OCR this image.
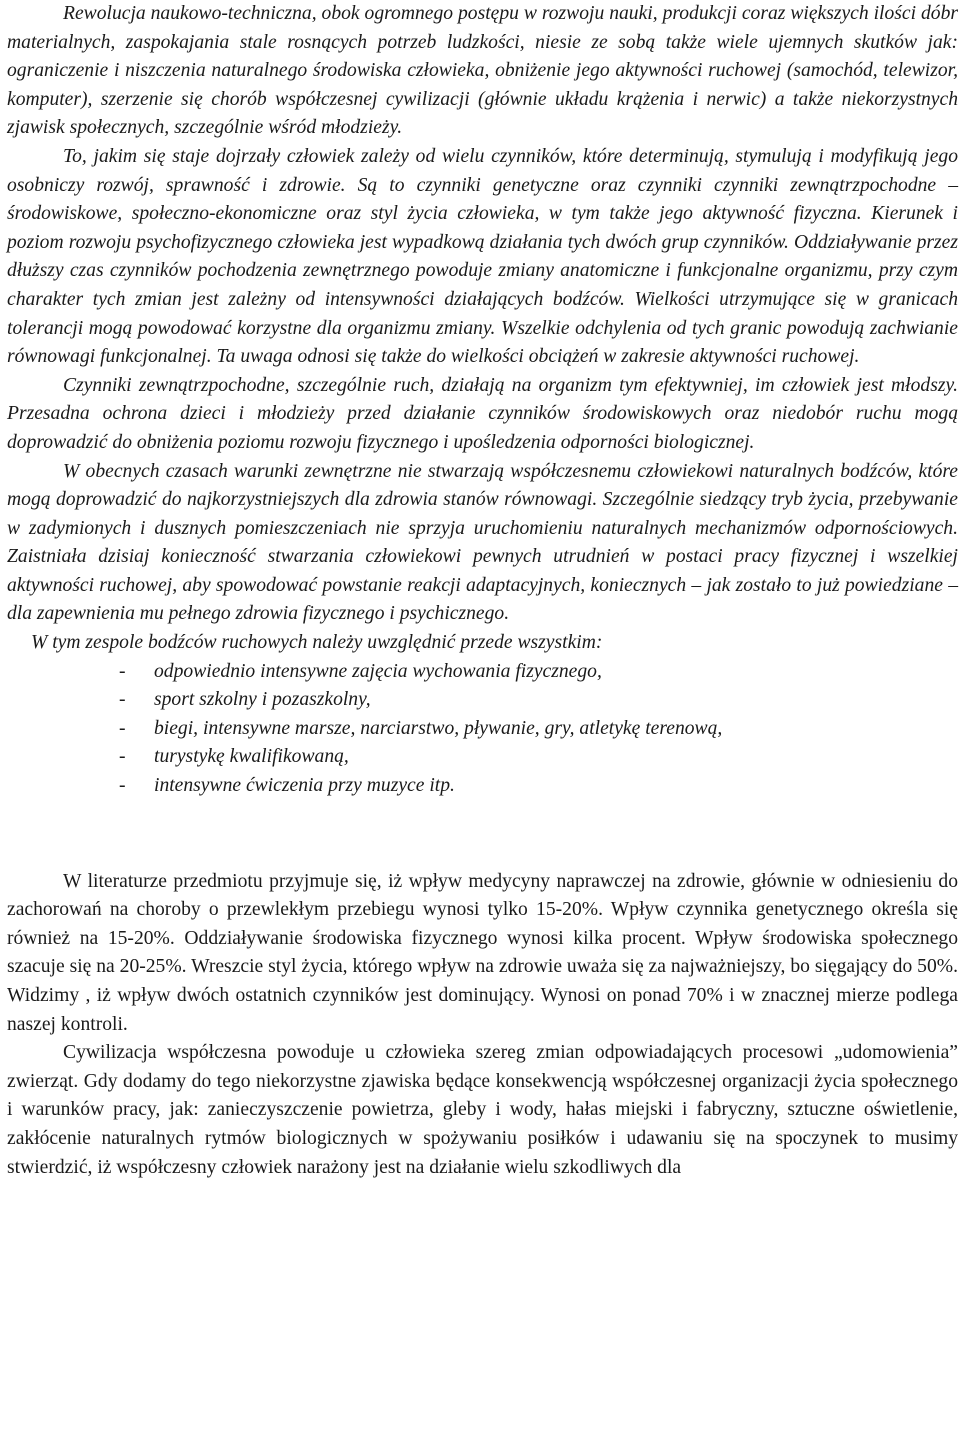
Rewolucja naukowo-techniczna, obok ogromnego postępu w rozwoju nauki, produkcji coraz większych ilości dóbr materialnych, zaspokajania stale rosnących potrzeb ludzkości, niesie ze sobą także wiele ujemnych skutków jak: ograniczenie i niszczenia naturalnego środowiska człowieka, obniżenie jego aktywności ruchowej (samochód, telewizor, komputer), szerzenie się chorób współczesnej cywilizacji (głównie układu krążenia i nerwic) a także niekorzystnych zjawisk społecznych, szczególnie wśród młodzieży.

To, jakim się staje dojrzały człowiek zależy od wielu czynników, które determinują, stymulują i modyfikują jego osobniczy rozwój, sprawność i zdrowie. Są to czynniki genetyczne oraz czynniki czynniki zewnątrzpochodne – środowiskowe, społeczno-ekonomiczne oraz styl życia człowieka, w tym także jego aktywność fizyczna. Kierunek i poziom rozwoju psychofizycznego człowieka jest wypadkową działania tych dwóch grup czynników. Oddziaływanie przez dłuższy czas czynników pochodzenia zewnętrznego powoduje zmiany anatomiczne i funkcjonalne organizmu, przy czym charakter tych zmian jest zależny od intensywności działających bodźców. Wielkości utrzymujące się w granicach tolerancji mogą powodować korzystne dla organizmu zmiany. Wszelkie odchylenia od tych granic powodują zachwianie równowagi funkcjonalnej. Ta uwaga odnosi się także do wielkości obciążeń w zakresie aktywności ruchowej.

Czynniki zewnątrzpochodne, szczególnie ruch, działają na organizm tym efektywniej, im człowiek jest młodszy. Przesadna ochrona dzieci i młodzieży przed działanie czynników środowiskowych oraz niedobór ruchu mogą doprowadzić do obniżenia poziomu rozwoju fizycznego i upośledzenia odporności biologicznej.

W obecnych czasach warunki zewnętrzne nie stwarzają współczesnemu człowiekowi naturalnych bodźców, które mogą doprowadzić do najkorzystniejszych dla zdrowia stanów równowagi. Szczególnie siedzący tryb życia, przebywanie w zadymionych i dusznych pomieszczeniach nie sprzyja uruchomieniu naturalnych mechanizmów odpornościowych. Zaistniała dzisiaj konieczność stwarzania człowiekowi pewnych utrudnień w postaci pracy fizycznej i wszelkiej aktywności ruchowej, aby spowodować powstanie reakcji adaptacyjnych, koniecznych – jak zostało to już powiedziane – dla zapewnienia mu pełnego zdrowia fizycznego i psychicznego.

W tym zespole bodźców ruchowych należy uwzględnić przede wszystkim:

- odpowiednio intensywne zajęcia wychowania fizycznego,
- sport szkolny i pozaszkolny,
- biegi, intensywne marsze, narciarstwo, pływanie, gry, atletykę terenową,
- turystykę kwalifikowaną,
- intensywne ćwiczenia przy muzyce itp.

W literaturze przedmiotu przyjmuje się, iż wpływ medycyny naprawczej na zdrowie, głównie w odniesieniu do zachorowań na choroby o przewlekłym przebiegu wynosi tylko 15-20%. Wpływ czynnika genetycznego określa się również na 15-20%. Oddziaływanie środowiska fizycznego wynosi kilka procent. Wpływ środowiska społecznego szacuje się na 20-25%. Wreszcie styl życia, którego wpływ na zdrowie uważa się za najważniejszy, bo sięgający do 50%. Widzimy , iż wpływ dwóch ostatnich czynników jest dominujący. Wynosi on ponad 70% i w znacznej mierze podlega naszej kontroli.

Cywilizacja współczesna powoduje u człowieka szereg zmian odpowiadających procesowi „udomowienia” zwierząt. Gdy dodamy do tego niekorzystne zjawiska będące konsekwencją współczesnej organizacji życia społecznego i warunków pracy, jak: zanieczyszczenie powietrza, gleby i wody, hałas miejski i fabryczny, sztuczne oświetlenie, zakłócenie naturalnych rytmów biologicznych w spożywaniu posiłków i udawaniu się na spoczynek to musimy stwierdzić, iż współczesny człowiek narażony jest na działanie wielu szkodliwych dla
